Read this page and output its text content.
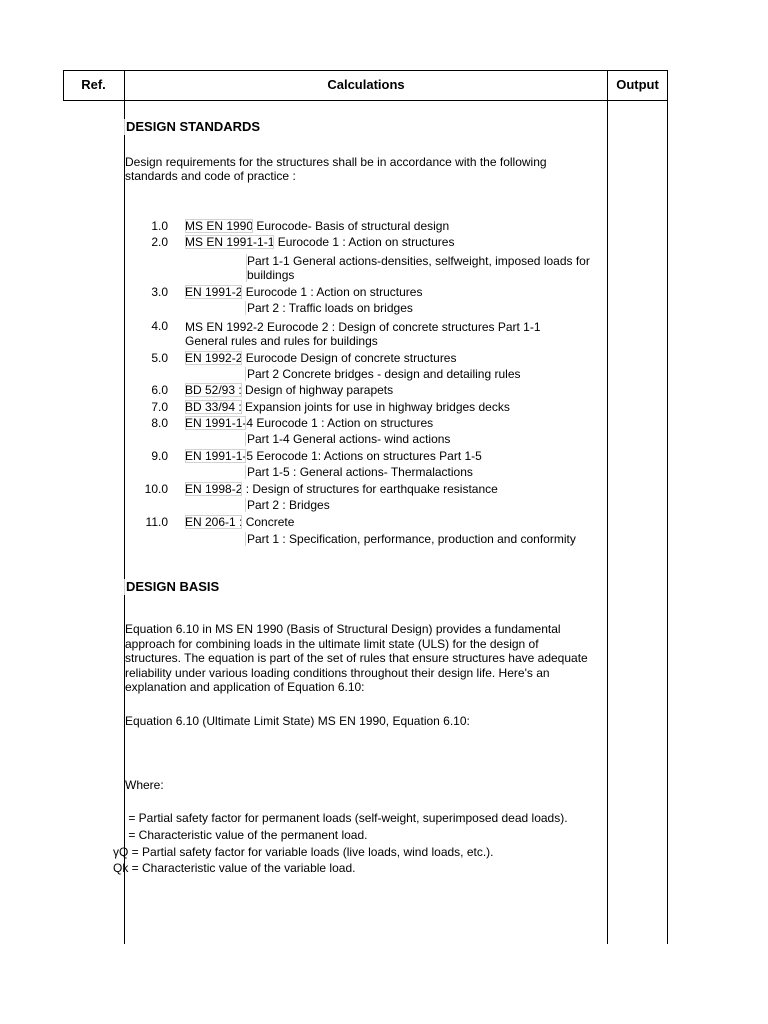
Ref.	Calculations	Output
DESIGN STANDARDS
Design requirements for the structures shall be in accordance with the following standards and code of practice :
1.0 MS EN 1990 Eurocode- Basis of structural design
2.0 MS EN 1991-1-1 Eurocode 1 : Action on structures
Part 1-1 General actions-densities, selfweight, imposed loads for buildings
3.0 EN 1991-2 Eurocode 1 : Action on structures
Part 2 : Traffic loads on bridges
4.0 MS EN 1992-2 Eurocode 2 : Design of concrete structures Part 1-1 General rules and rules for buildings
5.0 EN 1992-2 Eurocode Design of concrete structures
Part 2 Concrete bridges - design and detailing rules
6.0 BD 52/93 : Design of highway parapets
7.0 BD 33/94 : Expansion joints for use in highway bridges decks
8.0 EN 1991-1-4 Eurocode 1 : Action on structures
Part 1-4 General actions- wind actions
9.0 EN 1991-1-5 Eerocode 1: Actions on structures Part 1-5
Part 1-5 : General actions- Thermalactions
10.0 EN 1998-2 : Design of structures for earthquake resistance
Part 2 : Bridges
11.0 EN 206-1 : Concrete
Part 1 : Specification, performance, production and conformity
DESIGN BASIS
Equation 6.10 in MS EN 1990 (Basis of Structural Design) provides a fundamental approach for combining loads in the ultimate limit state (ULS) for the design of structures. The equation is part of the set of rules that ensure structures have adequate reliability under various loading conditions throughout their design life. Here's an explanation and application of Equation 6.10:
Equation 6.10 (Ultimate Limit State) MS EN 1990, Equation 6.10:
Where:
= Partial safety factor for permanent loads (self-weight, superimposed dead loads).
= Characteristic value of the permanent load.
γQ = Partial safety factor for variable loads (live loads, wind loads, etc.).
Qk = Characteristic value of the variable load.
